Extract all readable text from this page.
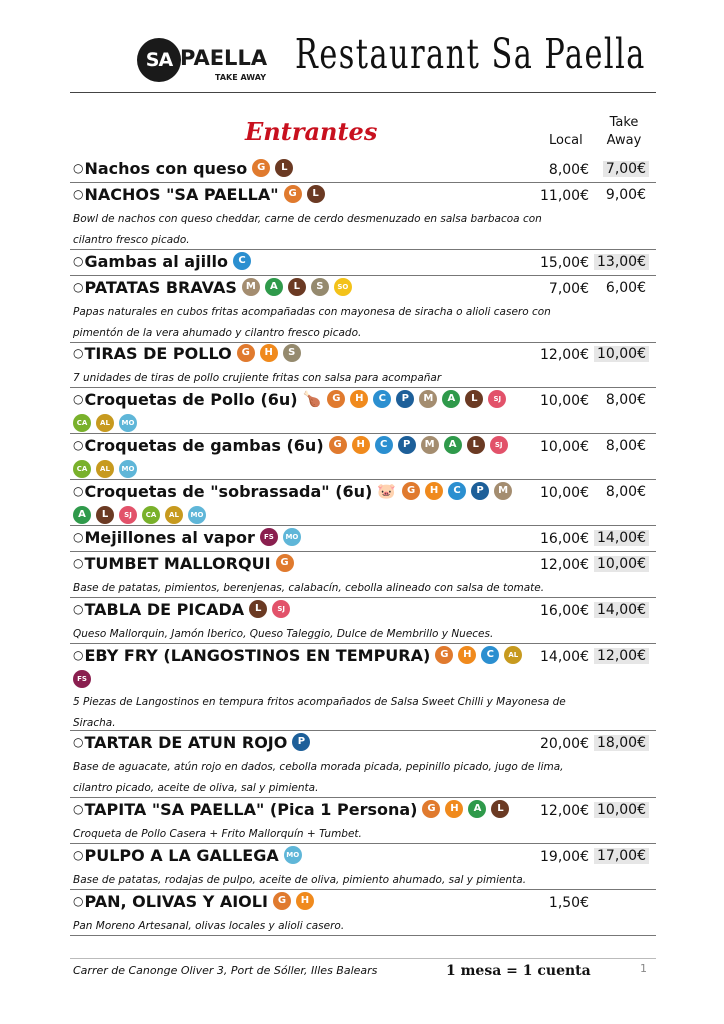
SA PAELLA
TAKE AWAY Restaurant Sa Paella
Entrantes	Local
Take
Away
○Nachos con queso G L	8,00€ 7,00€
○NACHOS "SA PAELLA" G L	11,00€ 9,00€
Bowl de nachos con queso cheddar, carne de cerdo desmenuzado en salsa barbacoa con
cilantro fresco picado.
○Gambas al ajillo C	15,00€ 13,00€
○PATATAS BRAVAS M A L S SO	7,00€ 6,00€
Papas naturales en cubos fritas acompañadas con mayonesa de siracha o alioli casero con
pimentón de la vera ahumado y cilantro fresco picado.
○TIRAS DE POLLO G H S	12,00€ 10,00€
7 unidades de tiras de pollo crujiente fritas con salsa para acompañar
○Croquetas de Pollo (6u) 🍗 G H C P M A L SJ	10,00€ 8,00€
CA AL MO
○Croquetas de gambas (6u) G H C P M A L SJ	10,00€ 8,00€
CA AL MO
○Croquetas de "sobrassada" (6u) 🐷 G H C P M	10,00€ 8,00€
A L SJ CA AL MO
○Mejillones al vapor FS MO	16,00€ 14,00€
○TUMBET MALLORQUI G	12,00€ 10,00€
Base de patatas, pimientos, berenjenas, calabacín, cebolla alineado con salsa de tomate.
○TABLA DE PICADA L SJ	16,00€ 14,00€
Queso Mallorquin, Jamón Iberico, Queso Taleggio, Dulce de Membrillo y Nueces.
○EBY FRY (LANGOSTINOS EN TEMPURA) G H C AL	14,00€ 12,00€
FS
5 Piezas de Langostinos en tempura fritos acompañados de Salsa Sweet Chilli y Mayonesa de
Siracha.
○TARTAR DE ATUN ROJO P	20,00€ 18,00€
Base de aguacate, atún rojo en dados, cebolla morada picada, pepinillo picado, jugo de lima,
cilantro picado, aceite de oliva, sal y pimienta.
○TAPITA "SA PAELLA" (Pica 1 Persona) G H A L	12,00€ 10,00€
Croqueta de Pollo Casera + Frito Mallorquín + Tumbet.
○PULPO A LA GALLEGA MO	19,00€ 17,00€
Base de patatas, rodajas de pulpo, aceite de oliva, pimiento ahumado, sal y pimienta.
○PAN, OLIVAS Y AIOLI G H	1,50€
Pan Moreno Artesanal, olivas locales y alioli casero.
Carrer de Canonge Oliver 3, Port de Sóller, Illes Balears	1 mesa = 1 cuenta	1
